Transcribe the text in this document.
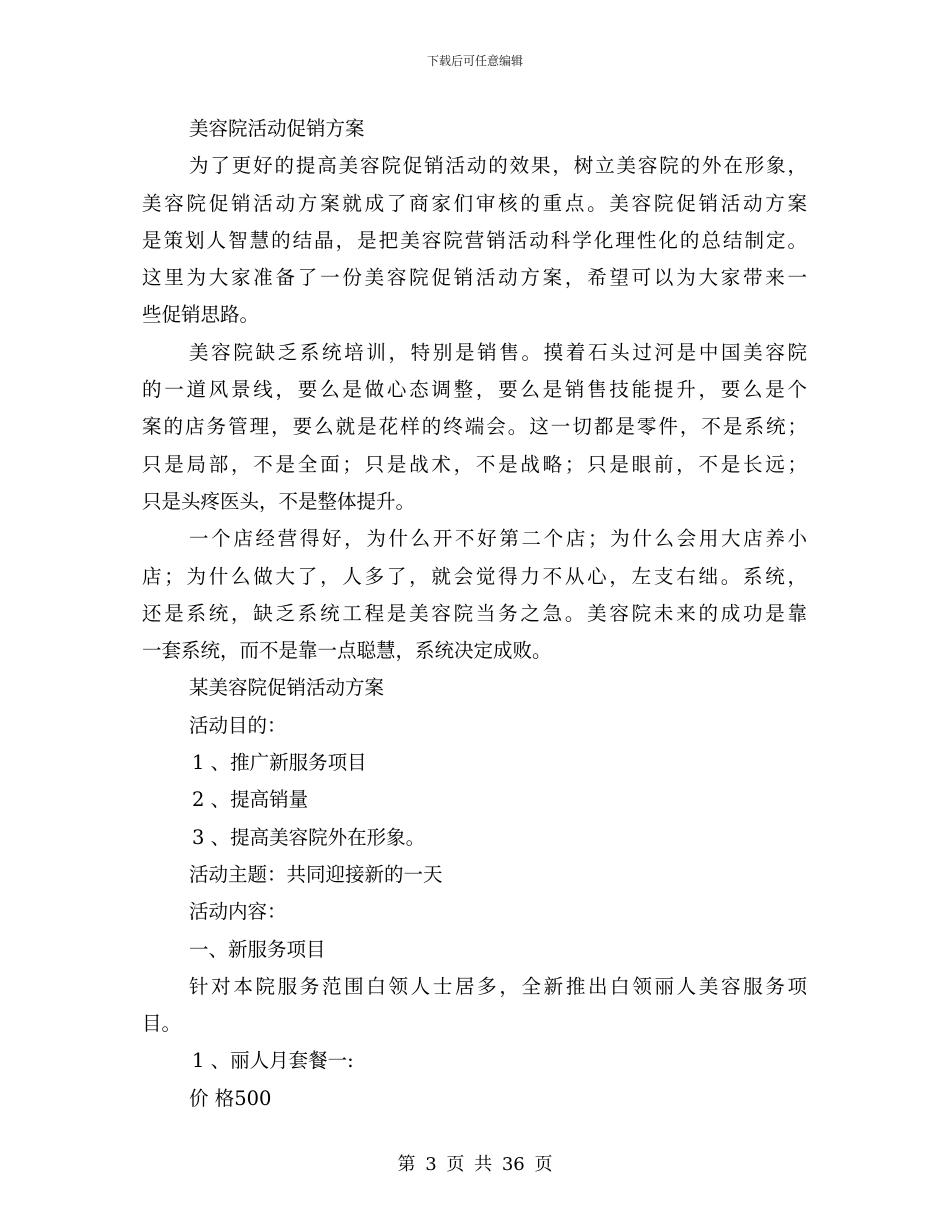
下载后可任意编辑
美容院活动促销方案
为了更好的提高美容院促销活动的效果，树立美容院的外在形象，
美容院促销活动方案就成了商家们审核的重点。美容院促销活动方案
是策划人智慧的结晶，是把美容院营销活动科学化理性化的总结制定。
这里为大家准备了一份美容院促销活动方案，希望可以为大家带来一
些促销思路。
美容院缺乏系统培训，特别是销售。摸着石头过河是中国美容院
的一道风景线，要么是做心态调整，要么是销售技能提升，要么是个
案的店务管理，要么就是花样的终端会。这一切都是零件，不是系统；
只是局部，不是全面；只是战术，不是战略；只是眼前，不是长远；
只是头疼医头，不是整体提升。
一个店经营得好，为什么开不好第二个店；为什么会用大店养小
店；为什么做大了，人多了，就会觉得力不从心，左支右绌。系统，
还是系统，缺乏系统工程是美容院当务之急。美容院未来的成功是靠
一套系统，而不是靠一点聪慧，系统决定成败。
某美容院促销活动方案
活动目的：
1 、推广新服务项目
2 、提高销量
3 、提高美容院外在形象。
活动主题：共同迎接新的一天
活动内容：
一、新服务项目
针对本院服务范围白领人士居多，全新推出白领丽人美容服务项
目。
1 、丽人月套餐一:
价 格500
第 3 页 共 36 页
